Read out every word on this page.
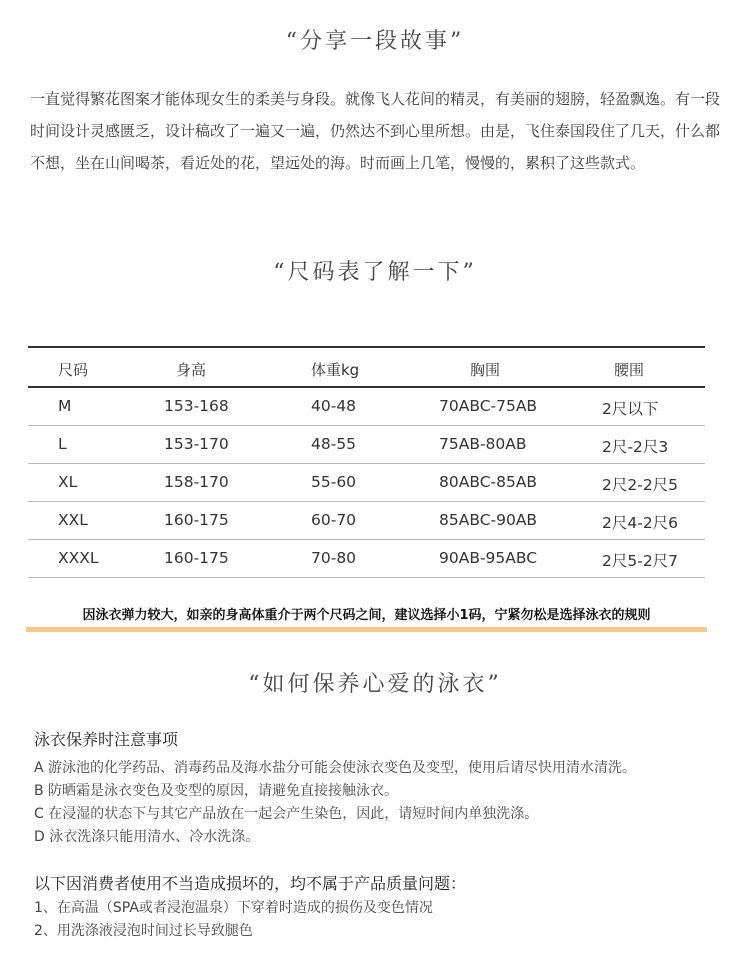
“分享一段故事”
一直觉得繁花图案才能体现女生的柔美与身段。就像飞人花间的精灵，有美丽的翅膀，轻盈飘逸。有一段时间设计灵感匮乏，设计稿改了一遍又一遍，仍然达不到心里所想。由是，飞住泰国段住了几天，什么都不想，坐在山间喝茶，看近处的花，望远处的海。时而画上几笔，慢慢的，累积了这些款式。
“尺码表了解一下”
尺码	身高	体重kg	胸围	腰围
M	153-168	40-48	70ABC-75AB	2尺以下
L	153-170	48-55	75AB-80AB	2尺-2尺3
XL	158-170	55-60	80ABC-85AB	2尺2-2尺5
XXL	160-175	60-70	85ABC-90AB	2尺4-2尺6
XXXL	160-175	70-80	90AB-95ABC	2尺5-2尺7
因泳衣弹力较大，如亲的身高体重介于两个尺码之间，建议选择小1码，宁紧勿松是选择泳衣的规则
“如何保养心爱的泳衣”
泳衣保养时注意事项
A 游泳池的化学药品、消毒药品及海水盐分可能会使泳衣变色及变型，使用后请尽快用清水清洗。
B 防晒霜是泳衣变色及变型的原因，请避免直接接触泳衣。
C 在浸湿的状态下与其它产品放在一起会产生染色，因此，请短时间内单独洗涤。
D 泳衣洗涤只能用清水、冷水洗涤。
以下因消费者使用不当造成损坏的，均不属于产品质量问题：
1、在高温（SPA或者浸泡温泉）下穿着时造成的损伤及变色情况
2、用洗涤液浸泡时间过长导致腿色
